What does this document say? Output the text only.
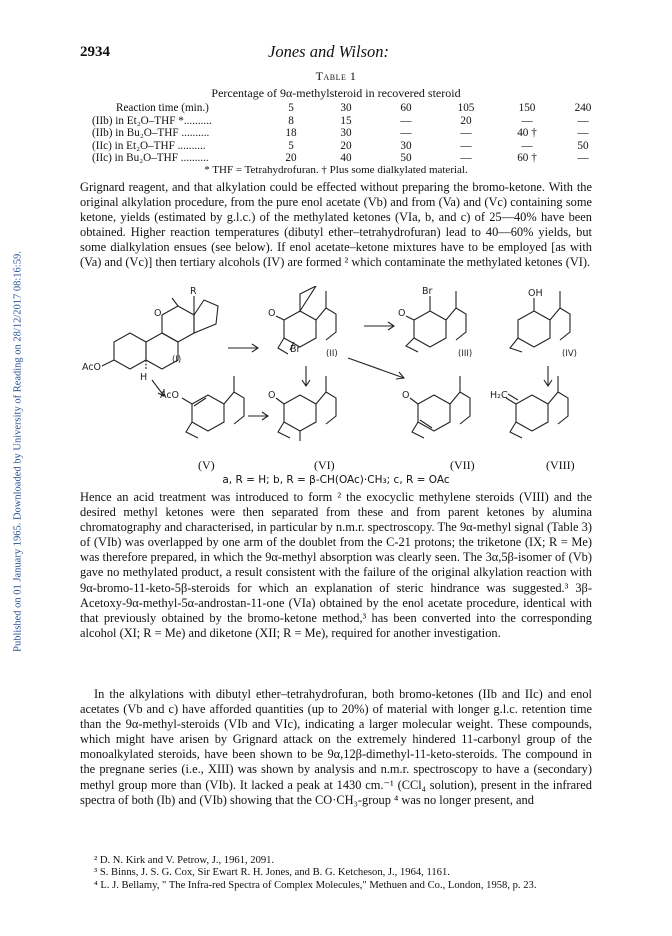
Published on 01 January 1965. Downloaded by University of Reading on 28/12/2017 08:16:59.
2934	Jones and Wilson:
Table 1
Percentage of 9α-methylsteroid in recovered steroid
Reaction time (min.)	5	30	60	105	150	240
(IIb) in Et₂O–THF *..........	8	15	—	20	—	—
(IIb) in Bu₂O–THF ..........	18	30	—	—	40 †	—
(IIc) in Et₂O–THF ..........	5	20	30	—	—	50
(IIc) in Bu₂O–THF ..........	20	40	50	—	60 †	—
* THF = Tetrahydrofuran. † Plus some dialkylated material.

Grignard reagent, and that alkylation could be effected without preparing the bromo-ketone. With the original alkylation procedure, from the pure enol acetate (Vb) and from (Va) and (Vc) containing some ketone, yields (estimated by g.l.c.) of the methylated ketones (VIa, b, and c) of 25—40% have been obtained. Higher reaction temperatures (dibutyl ether–tetrahydrofuran) lead to 40—60% yields, but some dialkylation ensues (see below). If enol acetate–ketone mixtures have to be employed [as with (Va) and (Vc)] then tertiary alcohols (IV) are formed ² which contaminate the methylated ketones (VI).

R
AcO
H
O
(I)
O
Br	(II)
Br
O
(III)
OH
(IV)
AcO	O	O	H₂C
(V)	(VI)	(VII)	(VIII)
a, R = H; b, R = β-CH(OAc)·CH₃; c, R = OAc

Hence an acid treatment was introduced to form ² the exocyclic methylene steroids (VIII) and the desired methyl ketones were then separated from these and from parent ketones by alumina chromatography and characterised, in particular by n.m.r. spectroscopy. The 9α-methyl signal (Table 3) of (VIb) was overlapped by one arm of the doublet from the C-21 protons; the triketone (IX; R = Me) was therefore prepared, in which the 9α-methyl absorption was clearly seen. The 3α,5β-isomer of (Vb) gave no methylated product, a result consistent with the failure of the original alkylation reaction with 9α-bromo-11-keto-5β-steroids for which an explanation of steric hindrance was suggested.³ 3β-Acetoxy-9α-methyl-5α-androstan-11-one (VIa) obtained by the enol acetate procedure, identical with that previously obtained by the bromo-ketone method,³ has been converted into the corresponding alcohol (XI; R = Me) and diketone (XII; R = Me), required for another investigation.

In the alkylations with dibutyl ether–tetrahydrofuran, both bromo-ketones (IIb and IIc) and enol acetates (Vb and c) have afforded quantities (up to 20%) of material with longer g.l.c. retention time than the 9α-methyl-steroids (VIb and VIc), indicating a larger molecular weight. These compounds, which might have arisen by Grignard attack on the extremely hindered 11-carbonyl group of the monoalkylated steroids, have been shown to be 9α,12β-dimethyl-11-keto-steroids. The compound in the pregnane series (i.e., XIII) was shown by analysis and n.m.r. spectroscopy to have a (secondary) methyl group more than (VIb). It lacked a peak at 1430 cm.⁻¹ (CCl₄ solution), present in the infrared spectra of both (Ib) and (VIb) showing that the CO·CH₃-group ⁴ was no longer present, and

² D. N. Kirk and V. Petrow, J., 1961, 2091.

³ S. Binns, J. S. G. Cox, Sir Ewart R. H. Jones, and B. G. Ketcheson, J., 1964, 1161.

⁴ L. J. Bellamy, " The Infra-red Spectra of Complex Molecules," Methuen and Co., London, 1958, p. 23.
